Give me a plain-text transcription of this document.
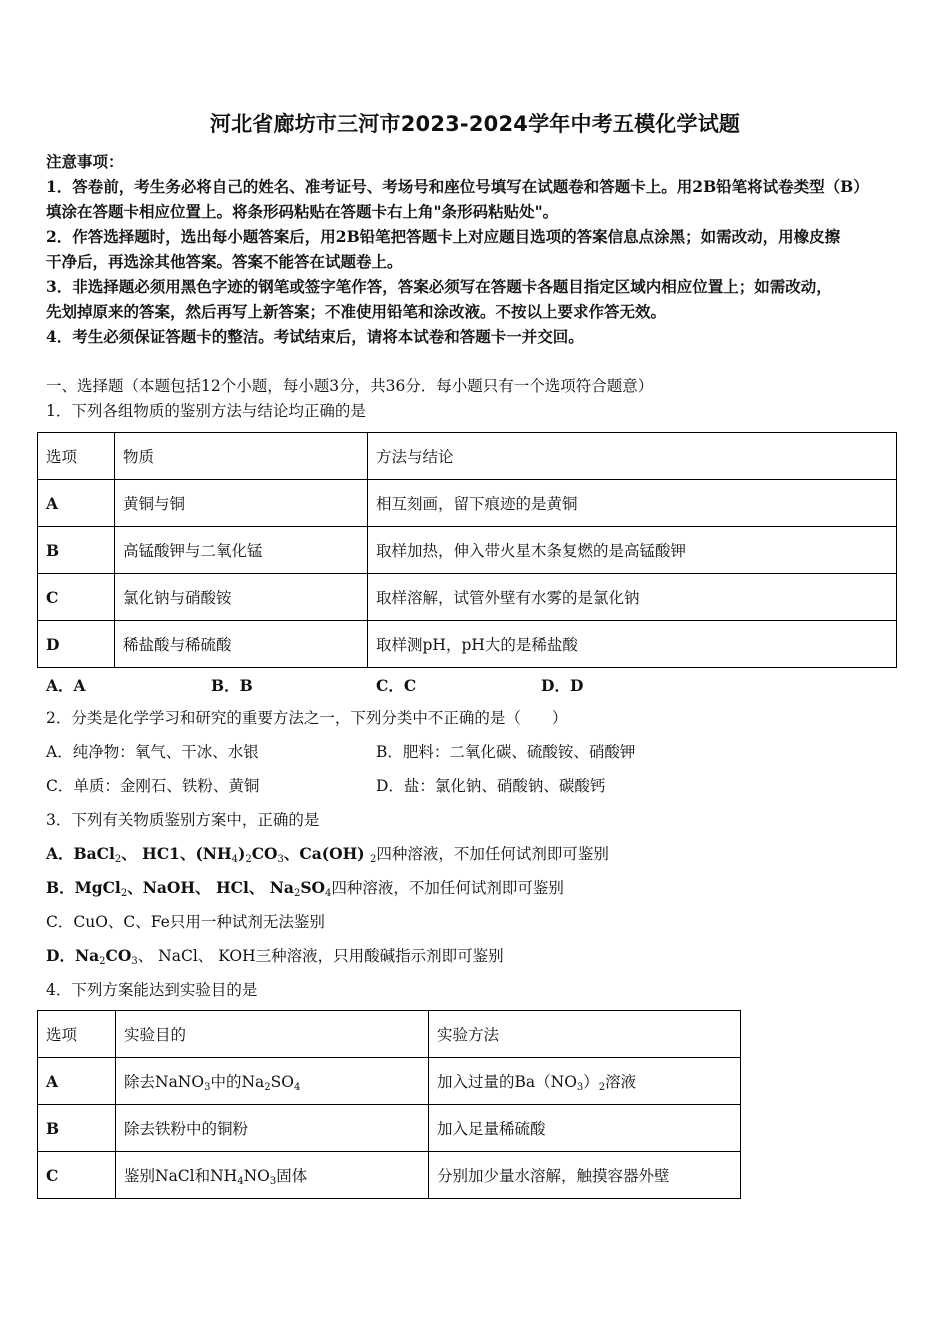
河北省廊坊市三河市2023-2024学年中考五模化学试题
注意事项：
1．答卷前，考生务必将自己的姓名、准考证号、考场号和座位号填写在试题卷和答题卡上。用2B铅笔将试卷类型（B）
填涂在答题卡相应位置上。将条形码粘贴在答题卡右上角"条形码粘贴处"。
2．作答选择题时，选出每小题答案后，用2B铅笔把答题卡上对应题目选项的答案信息点涂黑；如需改动，用橡皮擦
干净后，再选涂其他答案。答案不能答在试题卷上。
3．非选择题必须用黑色字迹的钢笔或签字笔作答，答案必须写在答题卡各题目指定区域内相应位置上；如需改动，
先划掉原来的答案，然后再写上新答案；不准使用铅笔和涂改液。不按以上要求作答无效。
4．考生必须保证答题卡的整洁。考试结束后，请将本试卷和答题卡一并交回。
一、选择题（本题包括12个小题，每小题3分，共36分．每小题只有一个选项符合题意）
1．下列各组物质的鉴别方法与结论均正确的是
选项	物质	方法与结论
A	黄铜与铜	相互刻画，留下痕迹的是黄铜
B	高锰酸钾与二氧化锰	取样加热，伸入带火星木条复燃的是高锰酸钾
C	氯化钠与硝酸铵	取样溶解，试管外壁有水雾的是氯化钠
D	稀盐酸与稀硫酸	取样测pH，pH大的是稀盐酸
A．A	B．B	C．C	D．D
2．分类是化学学习和研究的重要方法之一，下列分类中不正确的是（　　）
A．纯净物：氧气、干冰、水银	B．肥料：二氧化碳、硫酸铵、硝酸钾
C．单质：金刚石、铁粉、黄铜	D．盐：氯化钠、硝酸钠、碳酸钙
3．下列有关物质鉴别方案中，正确的是
A．BaCl$_2$、 HC1、$(NH_4)_2CO_3$、Ca(OH) $_2$四种溶液，不加任何试剂即可鉴别
B．MgCl$_2$、NaOH、 HCl、 $Na_2SO_4$四种溶液，不加任何试剂即可鉴别
C．CuO、C、Fe只用一种试剂无法鉴别
D．$Na_2CO_3$、 NaCl、 KOH三种溶液，只用酸碱指示剂即可鉴别
4．下列方案能达到实验目的是
选项	实验目的	实验方法
A	除去NaNO$_3$中的$Na_2SO_4$	加入过量的$Ba(NO_3)_2$溶液
B	除去铁粉中的铜粉	加入足量稀硫酸
C	鉴别NaCl和$NH_4NO_3$固体	分别加少量水溶解，触摸容器外壁
